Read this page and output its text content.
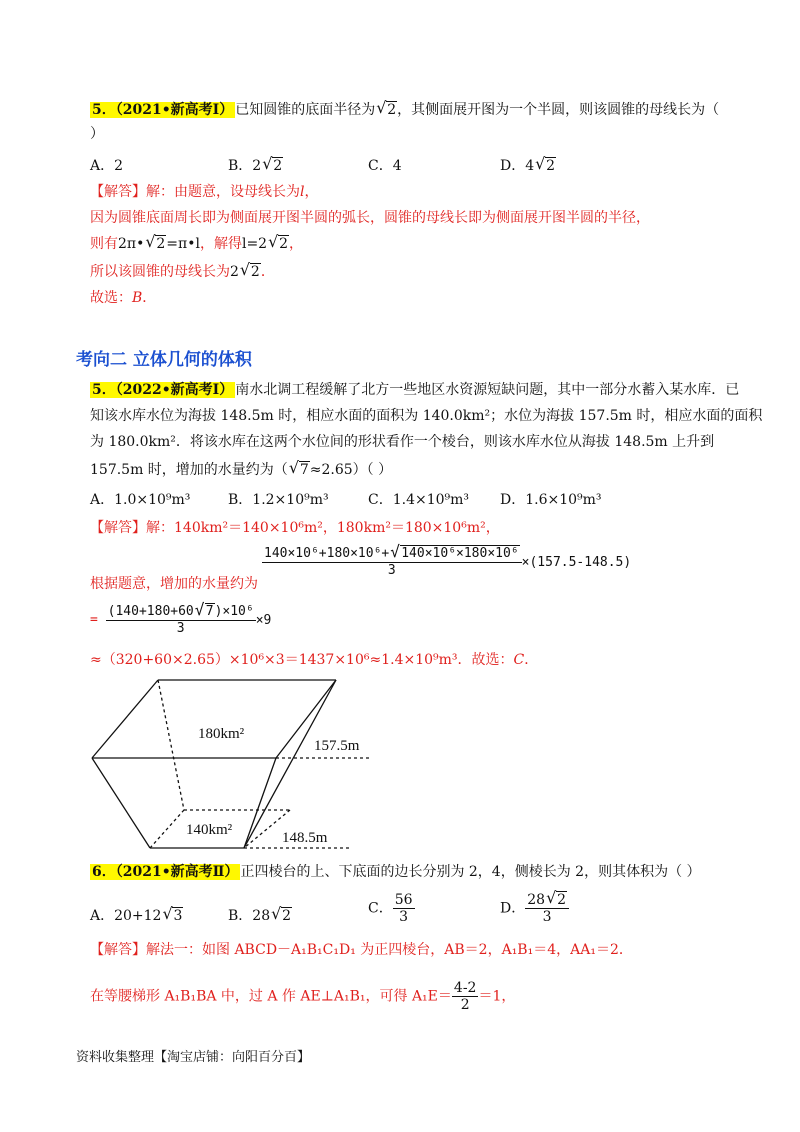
5．（2021•新高考Ⅰ） 已知圆锥的底面半径为 √ 2，其侧面展开图为一个半圆，则该圆锥的母线长为（
）
A．2	B．2 √ 2	C．4	D．4 √ 2
【解答】解：由题意，设母线长为l，
因为圆锥底面周长即为侧面展开图半圆的弧长，圆锥的母线长即为侧面展开图半圆的半径，
则有2π• √ 2=π•l，解得l=2 √ 2，
所以该圆锥的母线长为2 √ 2．
故选：B．
考向二 立体几何的体积
5．（2022•新高考Ⅰ） 南水北调工程缓解了北方一些地区水资源短缺问题，其中一部分水蓄入某水库．已
知该水库水位为海拔 148.5m 时，相应水面的面积为 140.0km²；水位为海拔 157.5m 时，相应水面的面积
为 180.0km²．将该水库在这两个水位间的形状看作一个棱台，则该水库水位从海拔 148.5m 上升到
157.5m 时，增加的水量约为（ √ 7≈2.65）（ ）
A．1.0×10⁹m³	B．1.2×10⁹m³	C．1.4×10⁹m³ D．1.6×10⁹m³
【解答】解：140km²＝140×10⁶m²，180km²＝180×10⁶m²，
$\frac{\text{140×10⁶+180×10⁶+ √ 140×10⁶×180×10⁶}}{3} \times(157.5-148.5)$
根据题意，增加的水量约为
= $\frac{\text{(140+180+60 √ 7)×10⁶}}{3} \times 9$
≈（320+60×2.65）×10⁶×3＝1437×10⁶≈1.4×10⁹m³．故选：C．
180km²
140km²
157.5m
148.5m
6．（2021•新高考Ⅱ） 正四棱台的上、下底面的边长分别为 2，4，侧棱长为 2，则其体积为（ ）
A．20+12 √ 3	B．28 √ 2	C． $\frac{56}{3}$	D． $\frac{28 √ 2}{3}$
【解答】解法一：如图 ABCD－A₁B₁C₁D₁ 为正四棱台，AB＝2，A₁B₁＝4，AA₁＝2．
在等腰梯形 A₁B₁BA 中，过 A 作 AE⊥A₁B₁，可得 $A_1E= \frac{4-2}{2} =1$，
资料收集整理【淘宝店铺：向阳百分百】
